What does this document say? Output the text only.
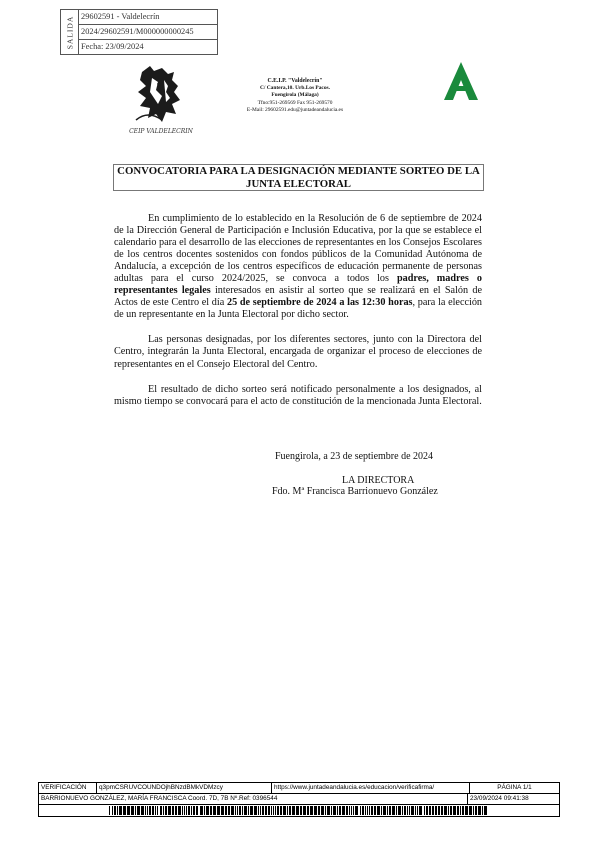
SALIDA 29602591 - Valdelecrín
2024/29602591/M000000000245
Fecha: 23/09/2024
CEIP VALDELECRIN
C.E.I.P. "Valdelecrín"
C/ Cantera,10. Urb.Los Pacos.
Fuengirola (Málaga)
Tfno:951-269569 Fax 951-269570
E-Mail: 29602591.edu@juntadeandalucia.es
CONVOCATORIA PARA LA DESIGNACIÓN MEDIANTE SORTEO DE LA JUNTA ELECTORAL

En cumplimiento de lo establecido en la Resolución de 6 de septiembre de 2024 de la Dirección General de Participación e Inclusión Educativa, por la que se establece el calendario para el desarrollo de las elecciones de representantes en los Consejos Escolares de los centros docentes sostenidos con fondos públicos de la Comunidad Autónoma de Andalucía, a excepción de los centros específicos de educación permanente de personas adultas para el curso 2024/2025, se convoca a todos los padres, madres o representantes legales interesados en asistir al sorteo que se realizará en el Salón de Actos de este Centro el día 25 de septiembre de 2024 a las 12:30 horas, para la elección de un representante en la Junta Electoral por dicho sector.

Las personas designadas, por los diferentes sectores, junto con la Directora del Centro, integrarán la Junta Electoral, encargada de organizar el proceso de elecciones de representantes en el Consejo Electoral del Centro.

El resultado de dicho sorteo será notificado personalmente a los designados, al mismo tiempo se convocará para el acto de constitución de la mencionada Junta Electoral.

Fuengirola, a 23 de septiembre de 2024
LA DIRECTORA
Fdo. Mª Francisca Barrionuevo González
VERIFICACIÓN	q3pmCSRUVCOUNDOjhBNzdBMkVDMzcy	https://www.juntadeandalucia.es/educacion/verificafirma/	PÁGINA 1/1
BARRIONUEVO GONZÁLEZ, MARÍA FRANCISCA Coord. 7D, 7B Nº.Ref: 0396544	23/09/2024 09:41:38
